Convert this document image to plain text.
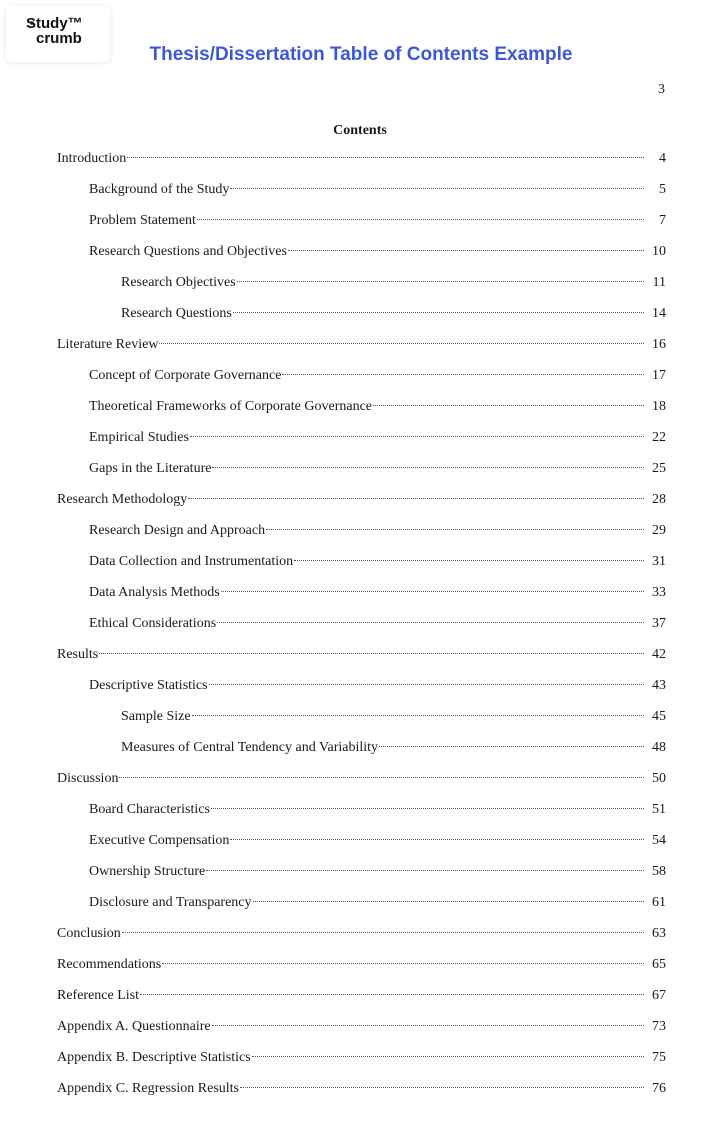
Study™
crumb
Thesis/Dissertation Table of Contents Example
3
Contents
Introduction	4
Background of the Study	5
Problem Statement	7
Research Questions and Objectives	10
Research Objectives	11
Research Questions	14
Literature Review	16
Concept of Corporate Governance	17
Theoretical Frameworks of Corporate Governance	18
Empirical Studies	22
Gaps in the Literature	25
Research Methodology	28
Research Design and Approach	29
Data Collection and Instrumentation	31
Data Analysis Methods	33
Ethical Considerations	37
Results	42
Descriptive Statistics	43
Sample Size	45
Measures of Central Tendency and Variability	48
Discussion	50
Board Characteristics	51
Executive Compensation	54
Ownership Structure	58
Disclosure and Transparency	61
Conclusion	63
Recommendations	65
Reference List	67
Appendix A. Questionnaire	73
Appendix B. Descriptive Statistics	75
Appendix C. Regression Results	76
